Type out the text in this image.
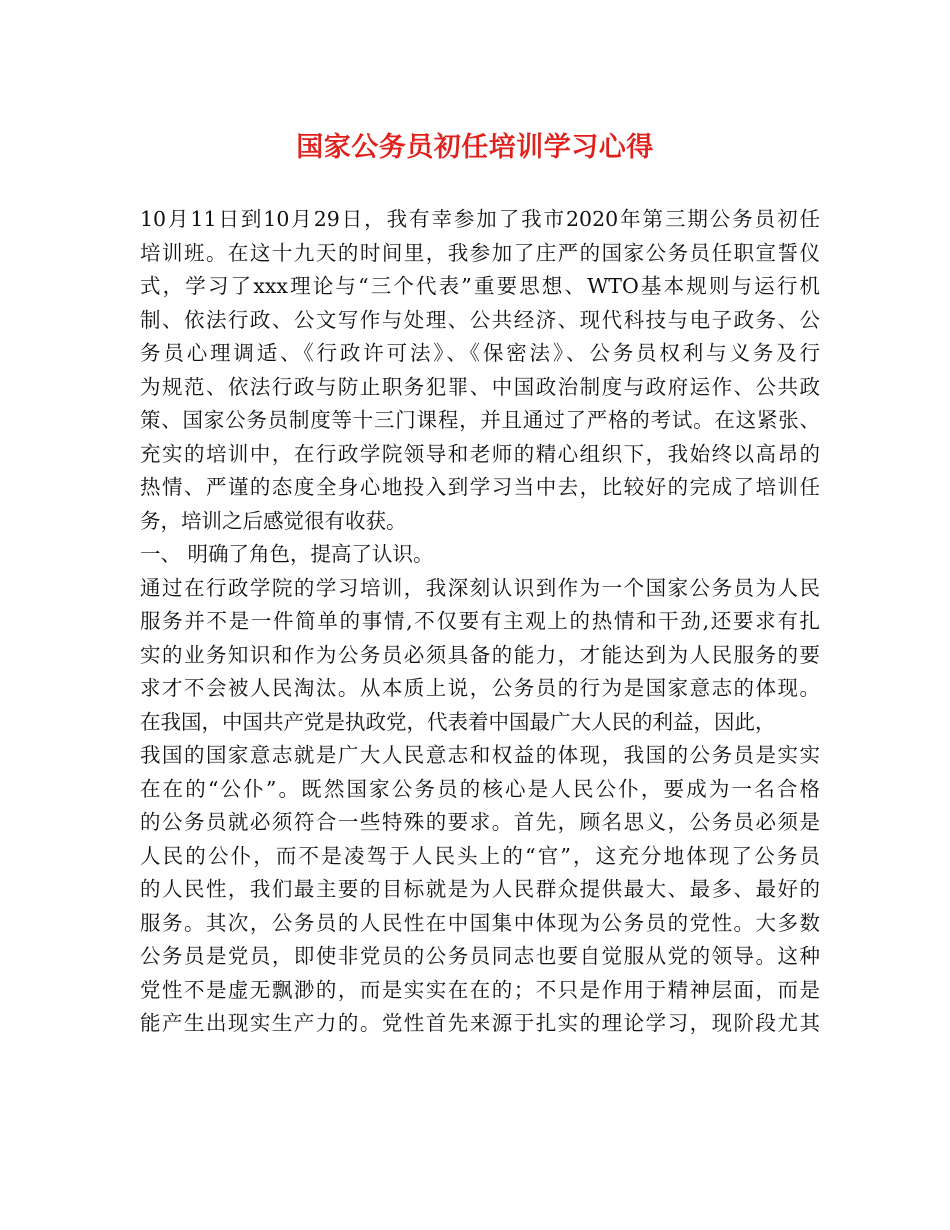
国家公务员初任培训学习心得
10月11日到10月29日，我有幸参加了我市2020年第三期公务员初任
培训班。在这十九天的时间里，我参加了庄严的国家公务员任职宣誓仪
式，学习了xxx理论与“三个代表”重要思想、WTO基本规则与运行机
制、依法行政、公文写作与处理、公共经济、现代科技与电子政务、公
务员心理调适、《行政许可法》、《保密法》、公务员权利与义务及行
为规范、依法行政与防止职务犯罪、中国政治制度与政府运作、公共政
策、国家公务员制度等十三门课程，并且通过了严格的考试。在这紧张、
充实的培训中，在行政学院领导和老师的精心组织下，我始终以高昂的
热情、严谨的态度全身心地投入到学习当中去，比较好的完成了培训任
务，培训之后感觉很有收获。
一、 明确了角色，提高了认识。
通过在行政学院的学习培训，我深刻认识到作为一个国家公务员为人民
服务并不是一件简单的事情,不仅要有主观上的热情和干劲,还要求有扎
实的业务知识和作为公务员必须具备的能力，才能达到为人民服务的要
求才不会被人民淘汰。从本质上说，公务员的行为是国家意志的体现。
在我国，中国共产党是执政党，代表着中国最广大人民的利益，因此，
我国的国家意志就是广大人民意志和权益的体现，我国的公务员是实实
在在的“公仆”。既然国家公务员的核心是人民公仆，要成为一名合格
的公务员就必须符合一些特殊的要求。首先，顾名思义，公务员必须是
人民的公仆，而不是凌驾于人民头上的“官”，这充分地体现了公务员
的人民性，我们最主要的目标就是为人民群众提供最大、最多、最好的
服务。其次，公务员的人民性在中国集中体现为公务员的党性。大多数
公务员是党员，即使非党员的公务员同志也要自觉服从党的领导。这种
党性不是虚无飘渺的，而是实实在在的；不只是作用于精神层面，而是
能产生出现实生产力的。党性首先来源于扎实的理论学习，现阶段尤其
